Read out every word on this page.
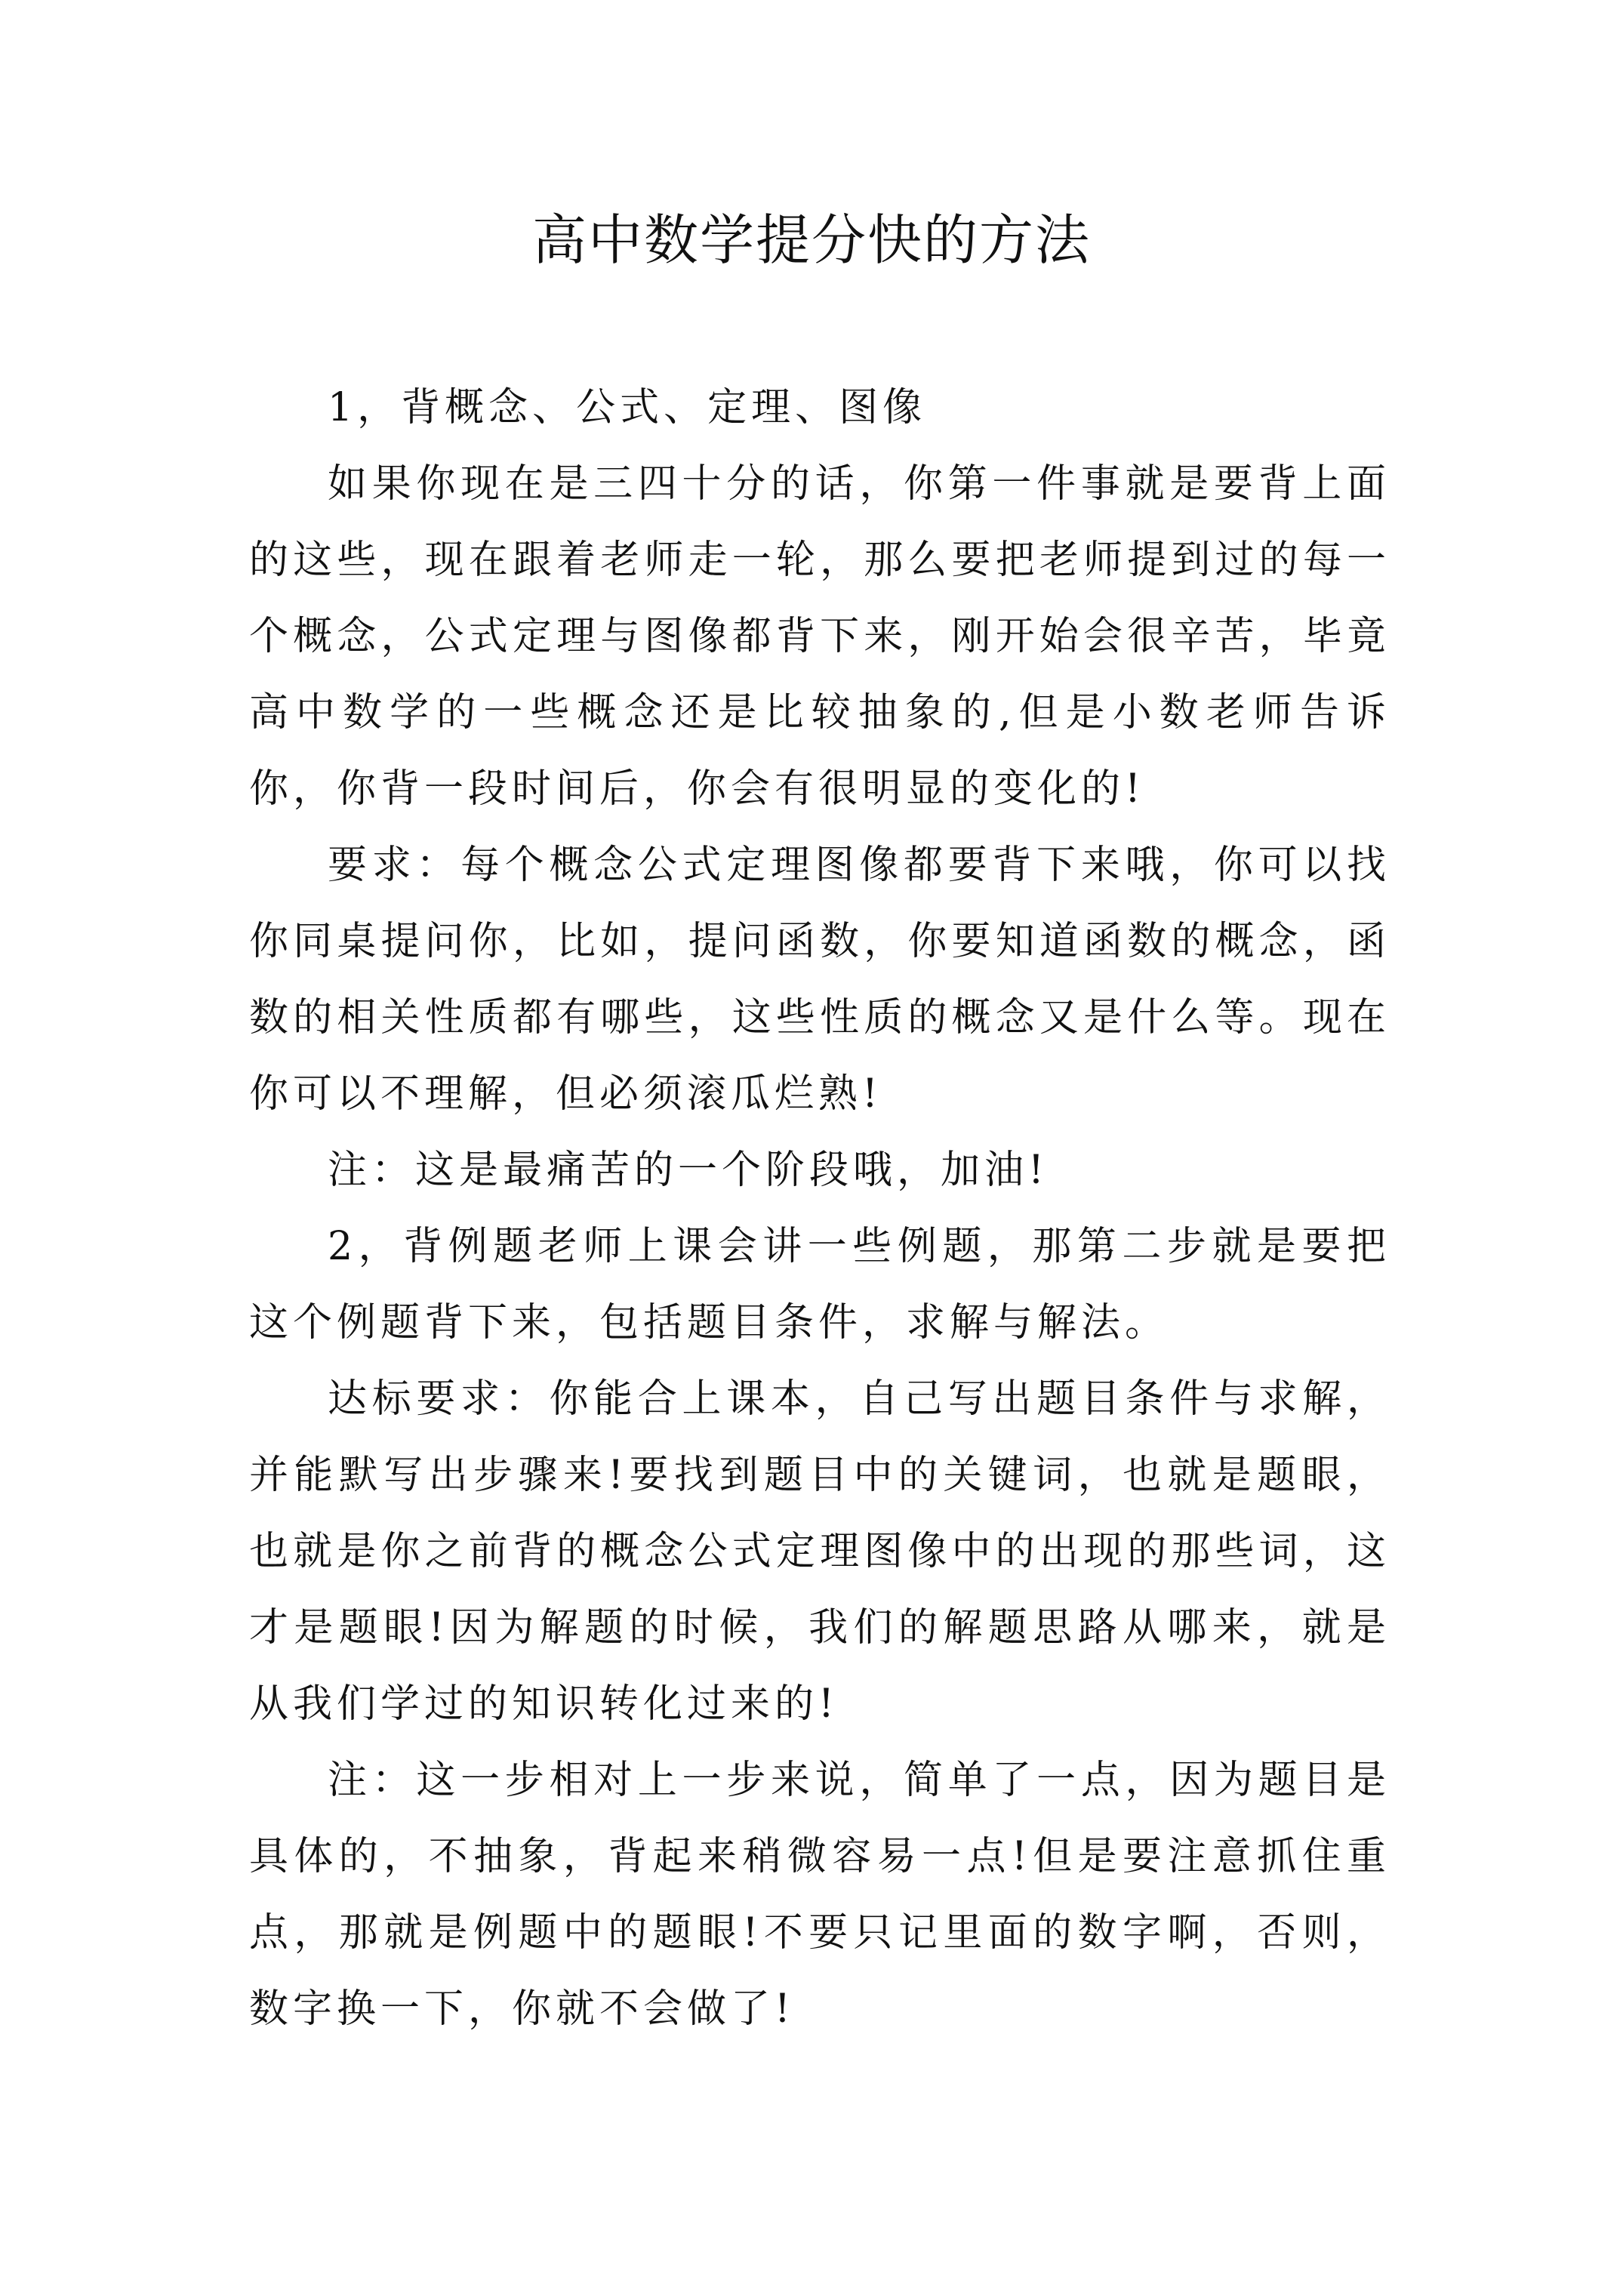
高中数学提分快的方法

1，背概念、公式、定理、图像

如果你现在是三四十分的话，你第一件事就是要背上面的这些，现在跟着老师走一轮，那么要把老师提到过的每一个概念，公式定理与图像都背下来，刚开始会很辛苦，毕竟高中数学的一些概念还是比较抽象的,但是小数老师告诉你，你背一段时间后，你会有很明显的变化的!

要求：每个概念公式定理图像都要背下来哦，你可以找你同桌提问你，比如，提问函数，你要知道函数的概念，函数的相关性质都有哪些，这些性质的概念又是什么等。现在你可以不理解，但必须滚瓜烂熟!

注：这是最痛苦的一个阶段哦，加油!

2，背例题老师上课会讲一些例题，那第二步就是要把这个例题背下来，包括题目条件，求解与解法。

达标要求：你能合上课本，自己写出题目条件与求解，并能默写出步骤来!要找到题目中的关键词，也就是题眼，也就是你之前背的概念公式定理图像中的出现的那些词，这才是题眼!因为解题的时候，我们的解题思路从哪来，就是从我们学过的知识转化过来的!

注：这一步相对上一步来说，简单了一点，因为题目是具体的，不抽象，背起来稍微容易一点!但是要注意抓住重点，那就是例题中的题眼!不要只记里面的数字啊，否则，数字换一下，你就不会做了!
